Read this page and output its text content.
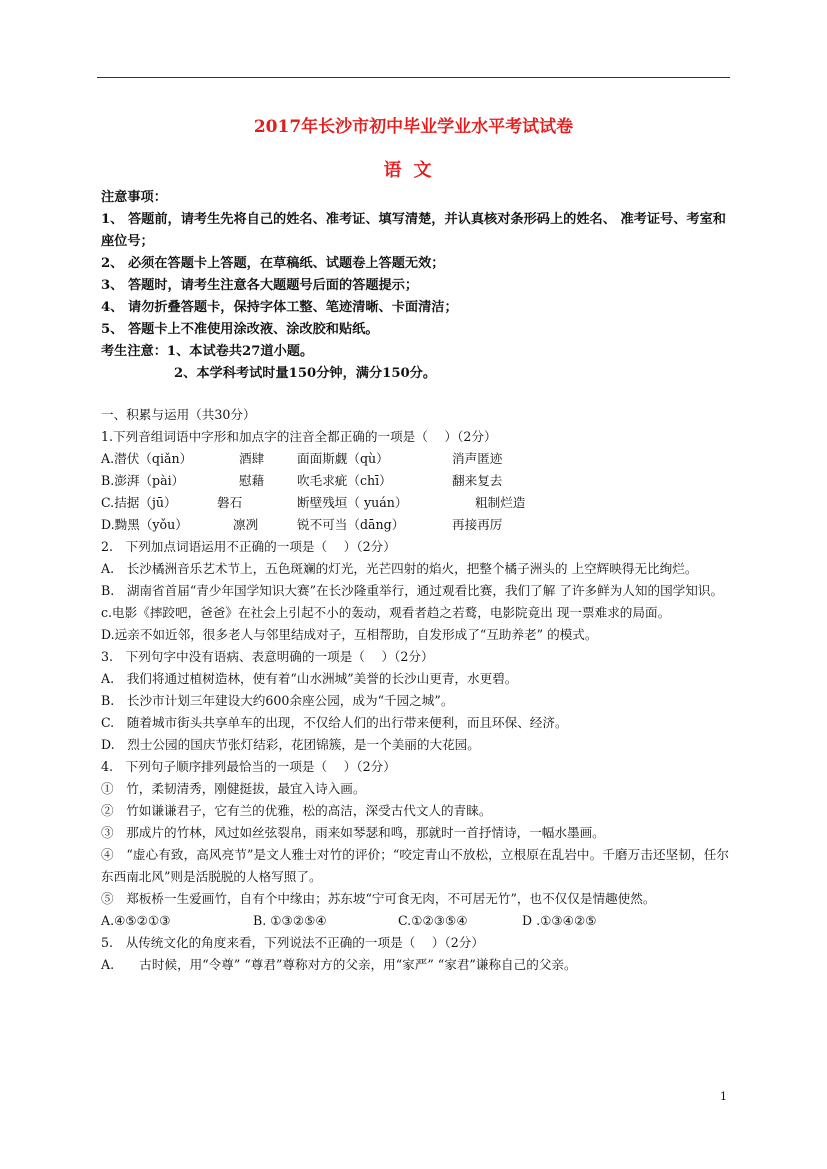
2017年长沙市初中毕业学业水平考试试卷
语文
注意事项：
1、 答题前，请考生先将自己的姓名、准考证、填写清楚，并认真核对条形码上的姓名、 准考证号、考室和座位号；
2、 必须在答题卡上答题，在草稿纸、试题卷上答题无效；
3、 答题时，请考生注意各大题题号后面的答题提示；
4、 请勿折叠答题卡，保持字体工整、笔迹清晰、卡面清洁；
5、 答题卡上不准使用涂改液、涂改胶和贴纸。
考生注意：1、本试卷共27道小题。
2、本学科考试时量150分钟，满分150分。
一、积累与运用（共30分）
1.下列音组词语中字形和加点字的注音全都正确的一项是（　 ）（2分）
A.潜伏（qiǎn）	酒肆	面面斯觑（qù）	消声匿迹
B.澎湃（pài）	慰藉	吹毛求疵（chī）	翻来复去
C.拮据（jū）	磐石	断壁残垣（ yuán）	粗制烂造
D.黝黑（yǒu）	凛冽	锐不可当（dāng）	再接再厉
2.　下列加点词语运用不正确的一项是（　 ）（2分）
A.　长沙橘洲音乐艺术节上，五色斑斓的灯光，光芒四射的焰火，把整个橘子洲头的 上空辉映得无比绚烂。
B.　湖南省首届“青少年国学知识大赛”在长沙隆重举行，通过观看比赛，我们了解 了许多鲜为人知的国学知识。
c.电影《摔跤吧，爸爸》在社会上引起不小的轰动，观看者趋之若鹜，电影院竟出 现一票难求的局面。
D.远亲不如近邻，很多老人与邻里结成对子，互相帮助，自发形成了“互助养老” 的模式。
3.　下列句字中没有语病、表意明确的一项是（　 ）（2分）
A.　我们将通过植树造林，使有着“山水洲城”美誉的长沙山更青，水更碧。
B.　长沙市计划三年建设大约600余座公园，成为“千园之城”。
C.　随着城市街头共享单车的出现，不仅给人们的出行带来便利，而且环保、经济。
D.　烈士公园的国庆节张灯结彩，花团锦簇，是一个美丽的大花园。
4.　下列句子顺序排列最恰当的一项是（　 ）（2分）
①　竹，柔韧清秀，刚健挺拔，最宜入诗入画。
②　竹如谦谦君子，它有兰的优雅，松的高洁，深受古代文人的青睐。
③　那成片的竹林，风过如丝弦裂帛，雨来如琴瑟和鸣，那就时一首抒情诗，一幅水墨画。
④　“虚心有致，高风亮节”是文人雅士对竹的评价；“咬定青山不放松，立根原在乱岩中。千磨万击还坚韧，任尔东西南北风”则是活脱脱的人格写照了。
⑤　郑板桥一生爱画竹，自有个中缘由；苏东坡“宁可食无肉，不可居无竹”，也不仅仅是情趣使然。
A.④⑤②①③	B. ①③②⑤④	C.①②③⑤④	D .①③④②⑤
5.　从传统文化的角度来看，下列说法不正确的一项是（　 ）（2分）
A.　　古时候，用“令尊” “尊君”尊称对方的父亲，用“家严” “家君”谦称自己的父亲。
1
